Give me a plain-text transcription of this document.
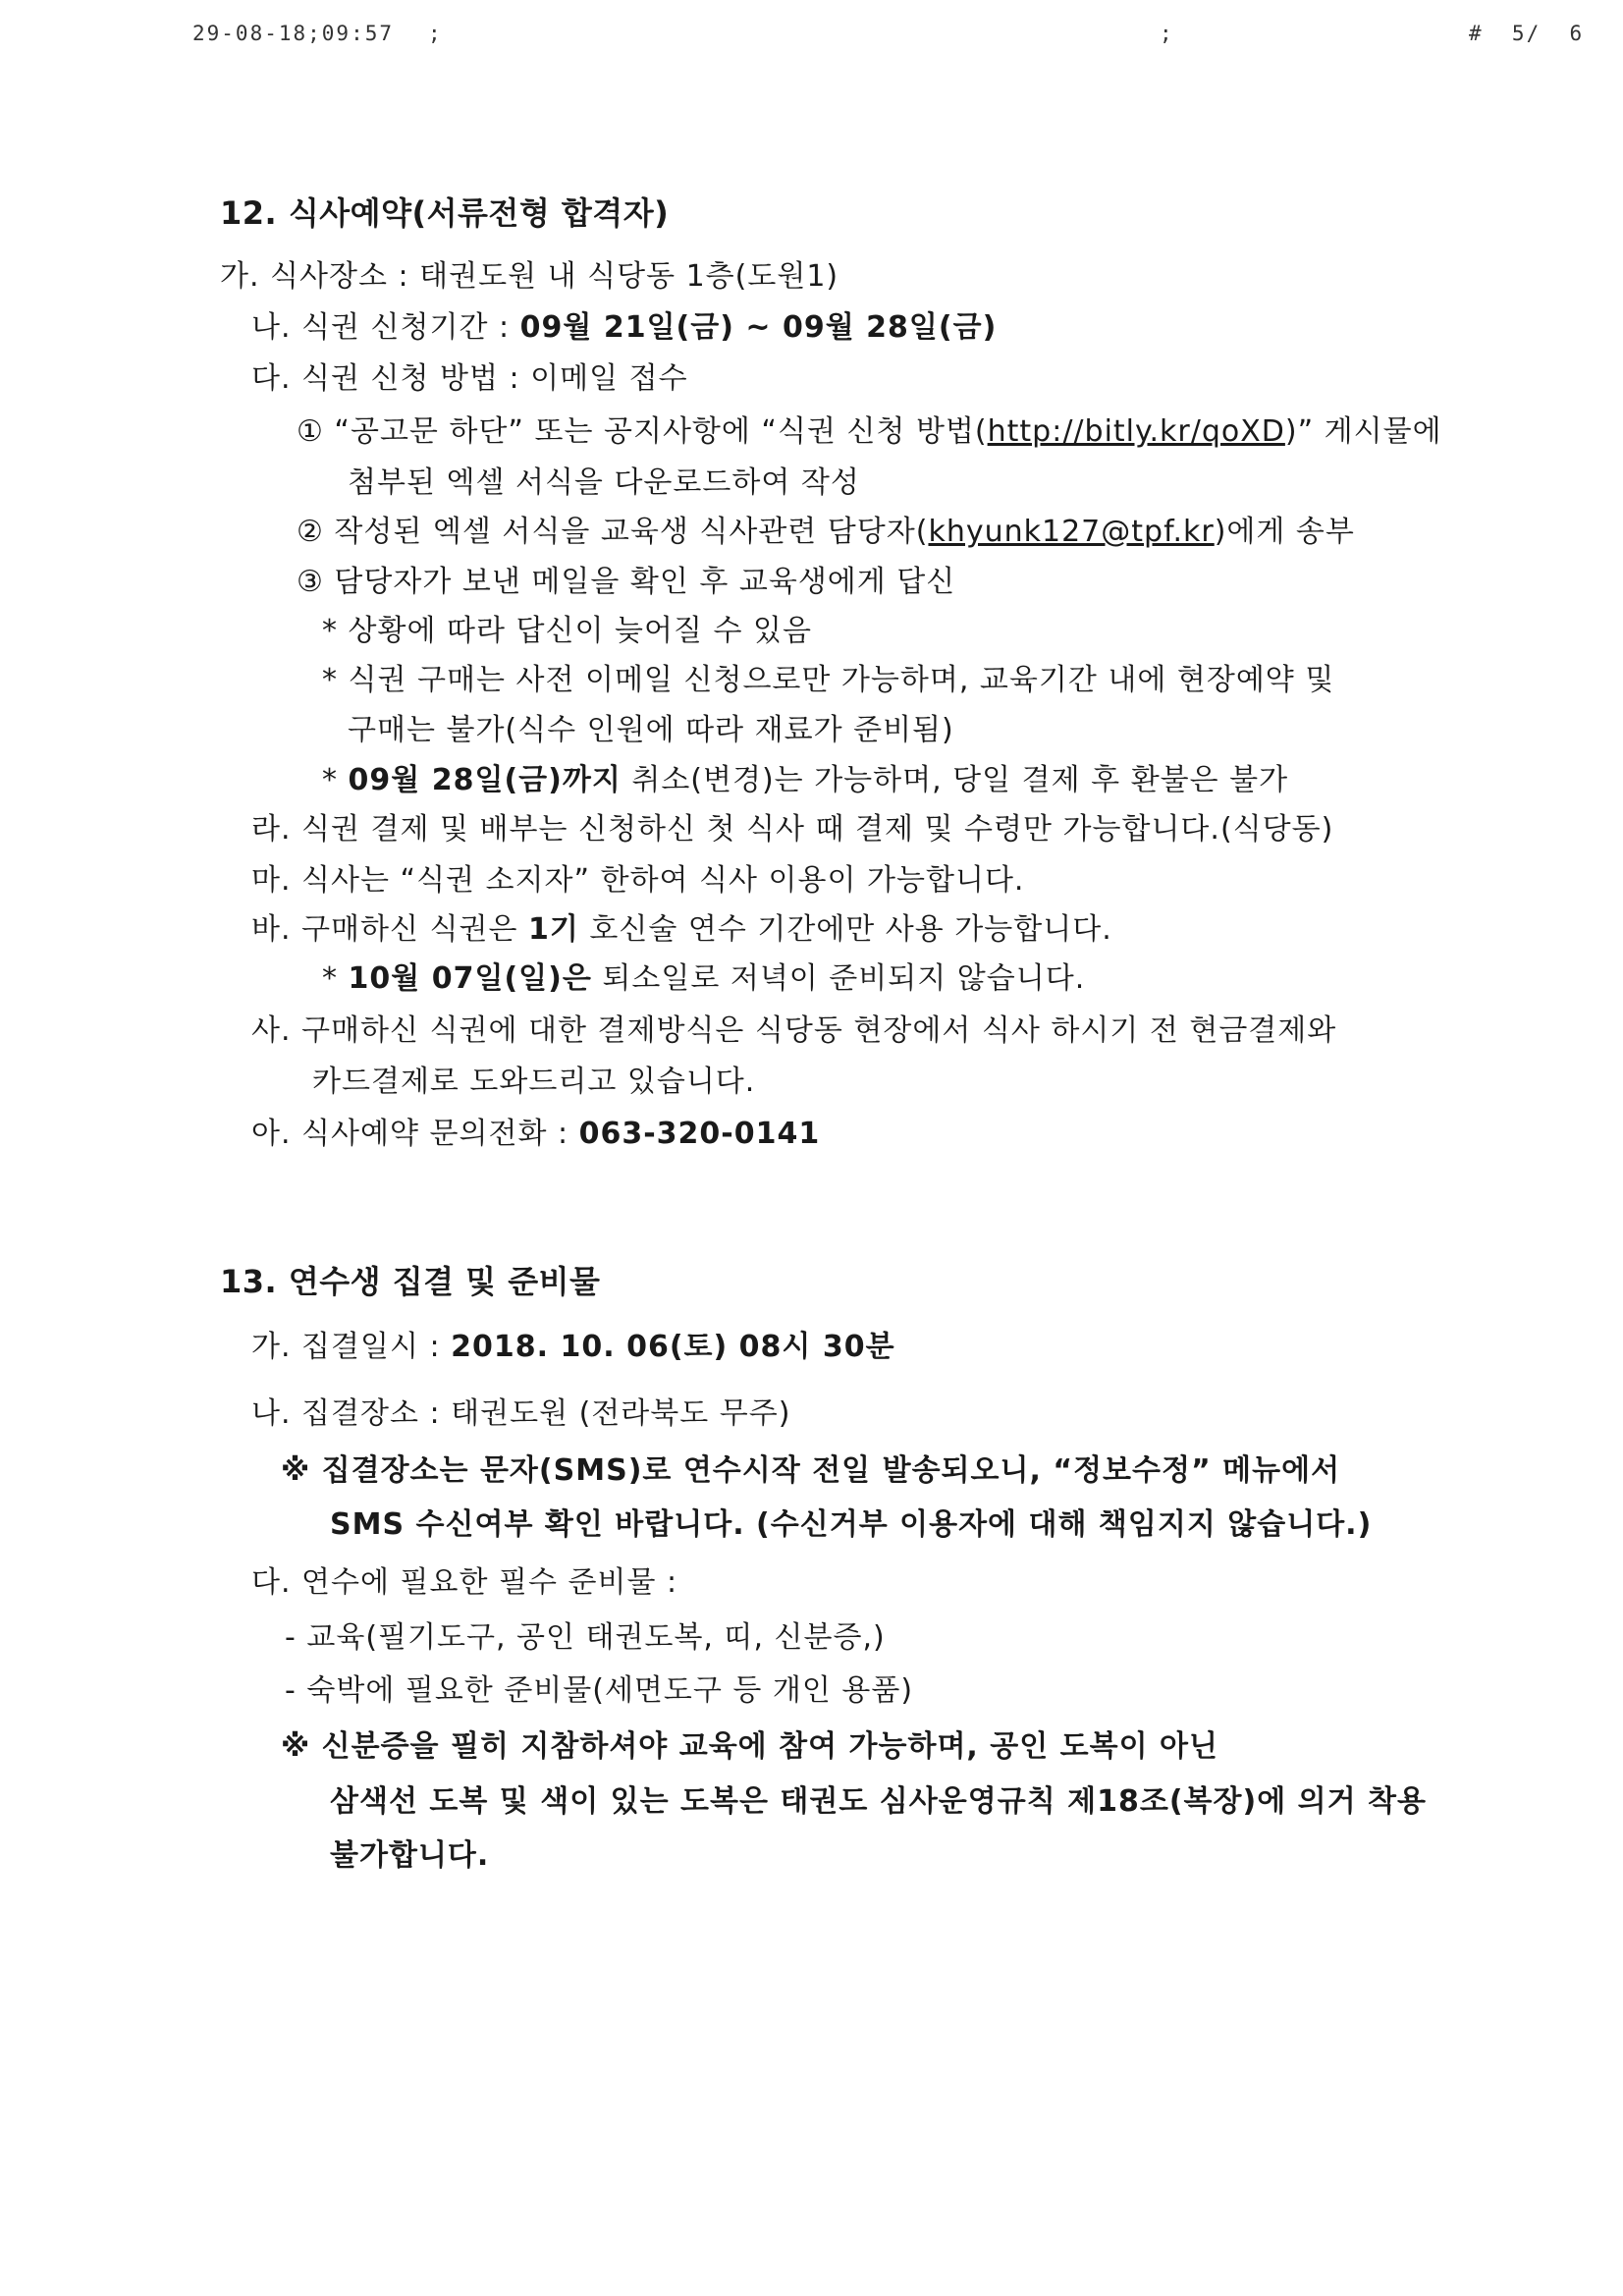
29-08-18;09:57 ;	;	#  5/  6
12. 식사예약(서류전형 합격자)
가. 식사장소 : 태권도원 내 식당동 1층(도원1)
나. 식권 신청기간 : 09월 21일(금) ~ 09월 28일(금)
다. 식권 신청 방법 : 이메일 접수
① “공고문 하단” 또는 공지사항에 “식권 신청 방법(http://bitly.kr/qoXD)” 게시물에
첨부된 엑셀 서식을 다운로드하여 작성
② 작성된 엑셀 서식을 교육생 식사관련 담당자(khyunk127@tpf.kr)에게 송부
③ 담당자가 보낸 메일을 확인 후 교육생에게 답신
* 상황에 따라 답신이 늦어질 수 있음
* 식권 구매는 사전 이메일 신청으로만 가능하며, 교육기간 내에 현장예약 및
구매는 불가(식수 인원에 따라 재료가 준비됨)
* 09월 28일(금)까지 취소(변경)는 가능하며, 당일 결제 후 환불은 불가
라. 식권 결제 및 배부는 신청하신 첫 식사 때 결제 및 수령만 가능합니다.(식당동)
마. 식사는 “식권 소지자” 한하여 식사 이용이 가능합니다.
바. 구매하신 식권은 1기 호신술 연수 기간에만 사용 가능합니다.
* 10월 07일(일)은 퇴소일로 저녁이 준비되지 않습니다.
사. 구매하신 식권에 대한 결제방식은 식당동 현장에서 식사 하시기 전 현금결제와
카드결제로 도와드리고 있습니다.
아. 식사예약 문의전화 : 063-320-0141
13. 연수생 집결 및 준비물
가. 집결일시 : 2018. 10. 06(토) 08시 30분
나. 집결장소 : 태권도원 (전라북도 무주)
※ 집결장소는 문자(SMS)로 연수시작 전일 발송되오니, “정보수정” 메뉴에서
SMS 수신여부 확인 바랍니다. (수신거부 이용자에 대해 책임지지 않습니다.)
다. 연수에 필요한 필수 준비물 :
- 교육(필기도구, 공인 태권도복, 띠, 신분증,)
- 숙박에 필요한 준비물(세면도구 등 개인 용품)
※ 신분증을 필히 지참하셔야 교육에 참여 가능하며, 공인 도복이 아닌
삼색선 도복 및 색이 있는 도복은 태권도 심사운영규칙 제18조(복장)에 의거 착용
불가합니다.
